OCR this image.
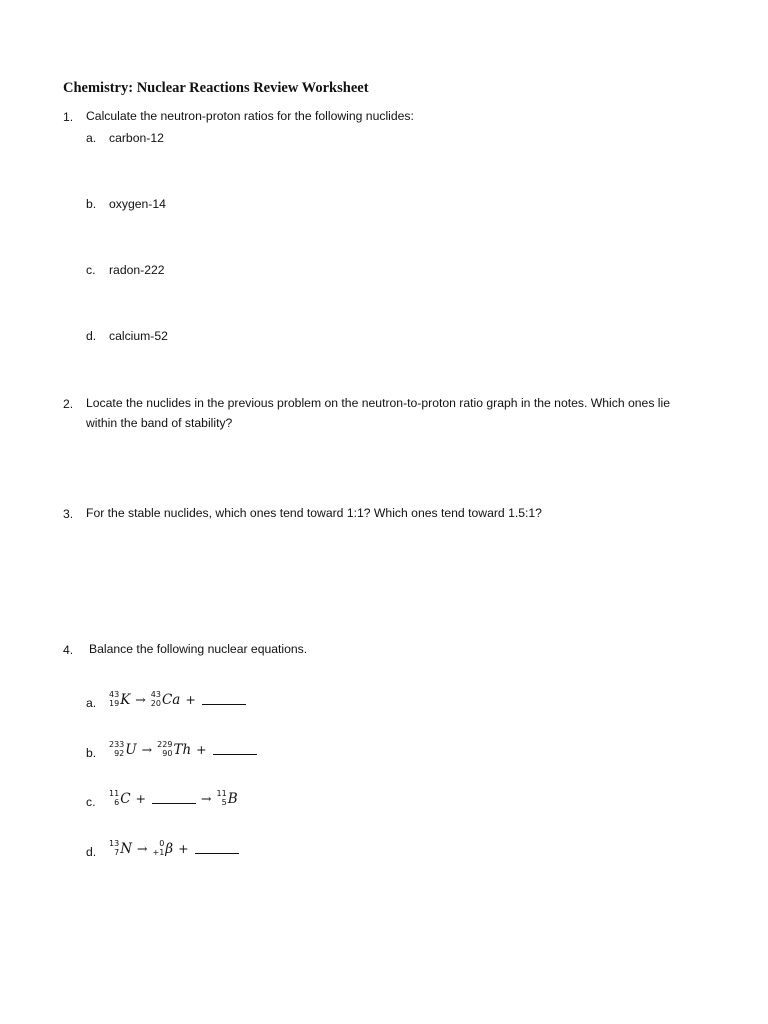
Chemistry: Nuclear Reactions Review Worksheet
1. Calculate the neutron-proton ratios for the following nuclides:
a. carbon-12
b. oxygen-14
c. radon-222
d. calcium-52
2. Locate the nuclides in the previous problem on the neutron-to-proton ratio graph in the notes. Which ones lie
within the band of stability?
3. For the stable nuclides, which ones tend toward 1:1? Which ones tend toward 1.5:1?
4. Balance the following nuclear equations.
a.
43
19 K → 43
20 Ca +
b.
233
92 U → 229
90 Th +
c.
11
6 C +	→ 11
5 B
d.
13
7 N → 0
+1 β +
